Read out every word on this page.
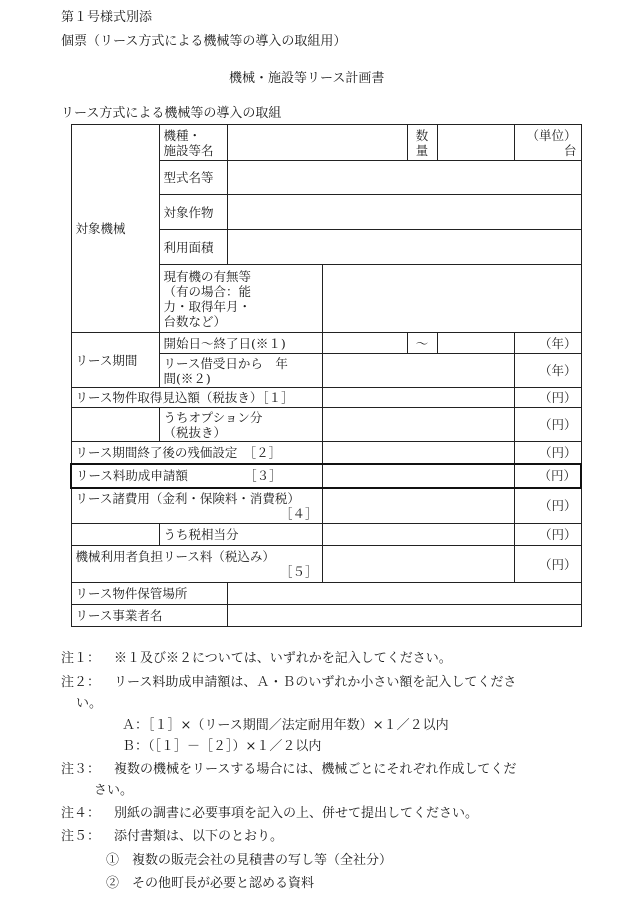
第１号様式別添
個票（リース方式による機械等の導入の取組用）
機械・施設等リース計画書
リース方式による機械等の導入の取組
対象機械	機種・
施設等名			数量		（単位）
台

	型式名等					
	対象作物					
	利用面積					

	現有機の有無等
（有の場合：能
力・取得年月・
台数など）					

リース期間	開始日～終了日(※１)			～		（年）

	リース借受日から　年
間(※２)					（年）
リース物件取得見込額（税抜き）［１］						（円）

	うちオプション分
（税抜き）					（円）
リース期間終了後の残価設定　［２］						（円）
リース料助成申請額　　　　　［３］						（円）

リース諸費用（金利・保険料・消費税）
［４］						（円）
	うち税相当分					（円）

機械利用者負担リース料（税込み）
［５］						（円）
リース物件保管場所						
リース事業者名						
注１： ※１及び※２については、いずれかを記入してください。
注２： リース料助成申請額は、Ａ・Ｂのいずれか小さい額を記入してくださ
い。
Ａ：［１］×（リース期間／法定耐用年数）×１／２以内
Ｂ：（［１］－［２］）×１／２以内
注３： 複数の機械をリースする場合には、機械ごとにそれぞれ作成してくだ
さい。
注４： 別紙の調書に必要事項を記入の上、併せて提出してください。
注５： 添付書類は、以下のとおり。
①　複数の販売会社の見積書の写し等（全社分）
②　その他町長が必要と認める資料
